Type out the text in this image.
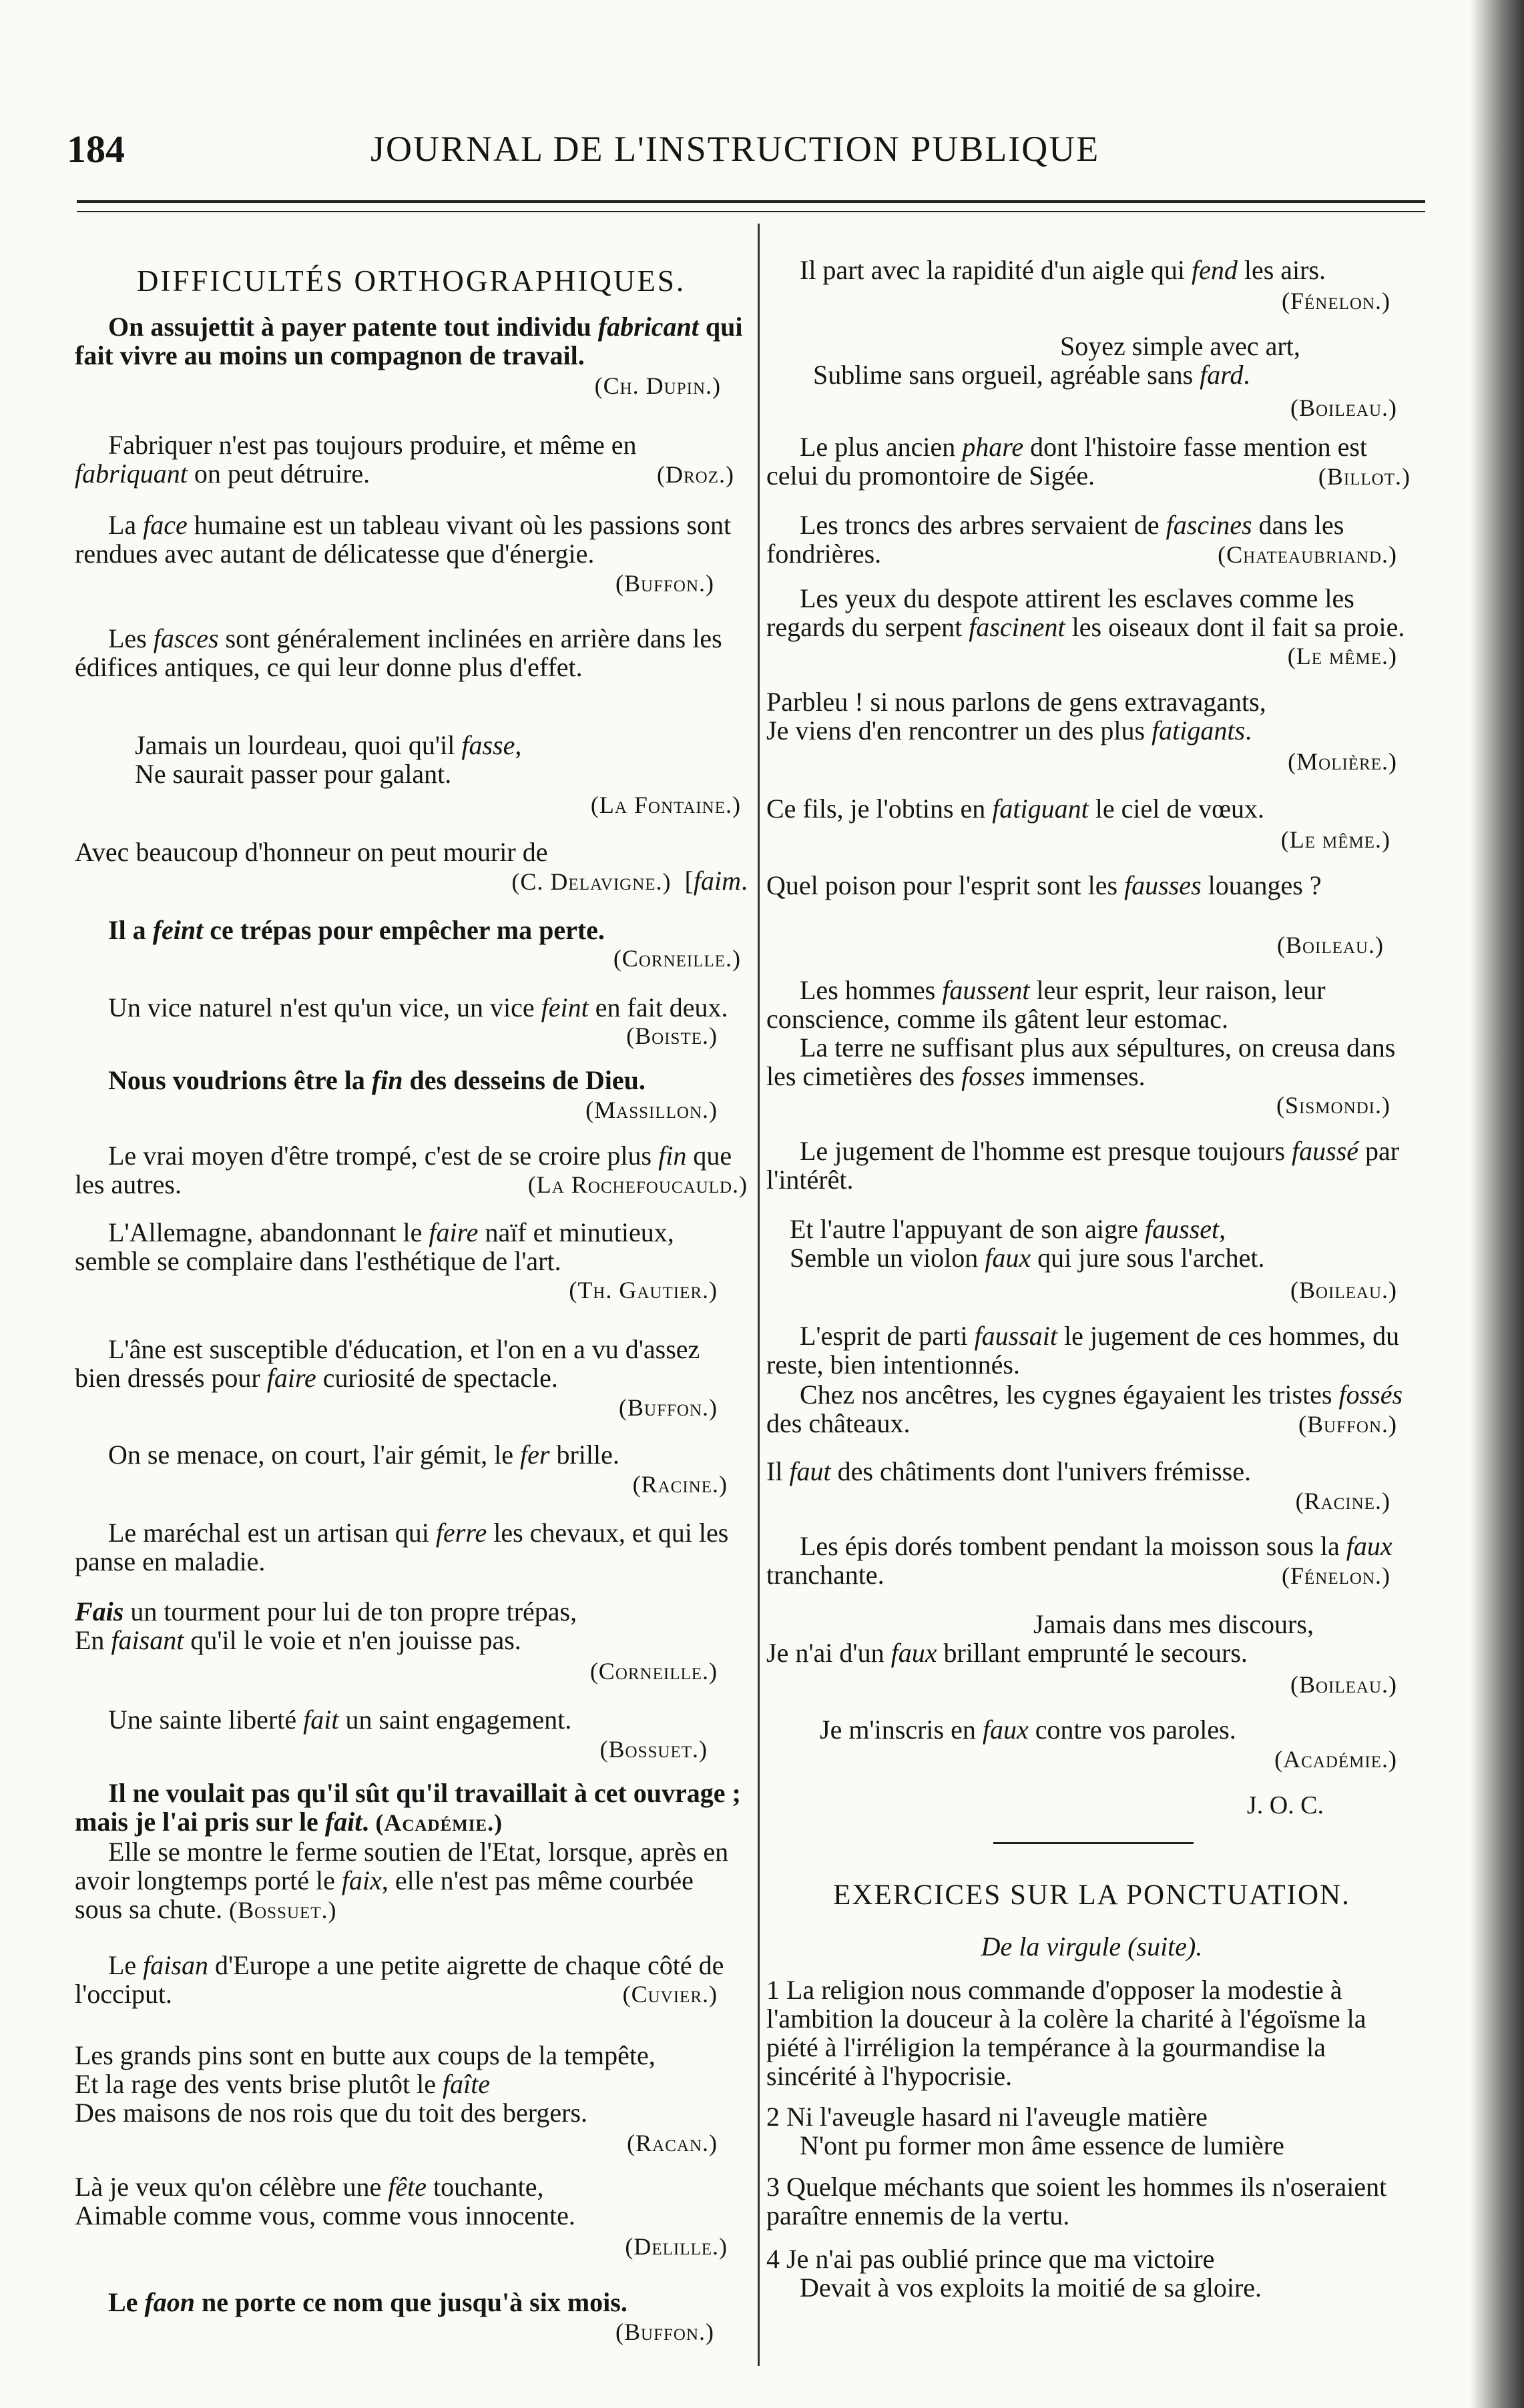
184	JOURNAL DE L'INSTRUCTION PUBLIQUE
DIFFICULTÉS ORTHOGRAPHIQUES.
On assujettit à payer patente tout individu fabricant qui fait vivre au moins un compagnon de travail.
(Ch. Dupin.)
Fabriquer n'est pas toujours produire, et même en fabriquant on peut détruire.	(Droz.)
La face humaine est un tableau vivant où les passions sont rendues avec autant de délicatesse que d'énergie.
(Buffon.)
Les fasces sont généralement inclinées en arrière dans les édifices antiques, ce qui leur donne plus d'effet.
Jamais un lourdeau, quoi qu'il fasse,
Ne saurait passer pour galant.
(La Fontaine.)
Avec beaucoup d'honneur on peut mourir de
(C. Delavigne.)  [faim.
Il a feint ce trépas pour empêcher ma perte.
(Corneille.)
Un vice naturel n'est qu'un vice, un vice feint en fait deux.
(Boiste.)
Nous voudrions être la fin des desseins de Dieu.
(Massillon.)
Le vrai moyen d'être trompé, c'est de se croire plus fin que les autres.	(La Rochefoucauld.)
L'Allemagne, abandonnant le faire naïf et minutieux, semble se complaire dans l'esthétique de l'art.
(Th. Gautier.)
L'âne est susceptible d'éducation, et l'on en a vu d'assez bien dressés pour faire curiosité de spectacle.
(Buffon.)
On se menace, on court, l'air gémit, le fer brille.
(Racine.)
Le maréchal est un artisan qui ferre les chevaux, et qui les panse en maladie.
Fais un tourment pour lui de ton propre trépas,
En faisant qu'il le voie et n'en jouisse pas.
(Corneille.)
Une sainte liberté fait un saint engagement.
(Bossuet.)
Il ne voulait pas qu'il sût qu'il travaillait à cet ouvrage ; mais je l'ai pris sur le fait. (Académie.)
Elle se montre le ferme soutien de l'Etat, lorsque, après en avoir longtemps porté le faix, elle n'est pas même courbée sous sa chute. (Bossuet.)
Le faisan d'Europe a une petite aigrette de chaque côté de l'occiput.	(Cuvier.)
Les grands pins sont en butte aux coups de la tempête,
Et la rage des vents brise plutôt le faîte
Des maisons de nos rois que du toit des bergers.
(Racan.)
Là je veux qu'on célèbre une fête touchante,
Aimable comme vous, comme vous innocente.
(Delille.)
Le faon ne porte ce nom que jusqu'à six mois.
(Buffon.)
Il part avec la rapidité d'un aigle qui fend les airs.
(Fénelon.)
Soyez simple avec art,
Sublime sans orgueil, agréable sans fard.
(Boileau.)
Le plus ancien phare dont l'histoire fasse mention est celui du promontoire de Sigée.	(Billot.)
Les troncs des arbres servaient de fascines dans les fondrières.	(Chateaubriand.)
Les yeux du despote attirent les esclaves comme les regards du serpent fascinent les oiseaux dont il fait sa proie.
(Le même.)
Parbleu ! si nous parlons de gens extravagants,
Je viens d'en rencontrer un des plus fatigants.
(Molière.)
Ce fils, je l'obtins en fatiguant le ciel de vœux.
(Le même.)
Quel poison pour l'esprit sont les fausses louanges ?
(Boileau.)
Les hommes faussent leur esprit, leur raison, leur conscience, comme ils gâtent leur estomac.
La terre ne suffisant plus aux sépultures, on creusa dans les cimetières des fosses immenses.
(Sismondi.)
Le jugement de l'homme est presque toujours faussé par l'intérêt.
Et l'autre l'appuyant de son aigre fausset,
Semble un violon faux qui jure sous l'archet.
(Boileau.)
L'esprit de parti faussait le jugement de ces hommes, du reste, bien intentionnés.
Chez nos ancêtres, les cygnes égayaient les tristes fossés des châteaux.	(Buffon.)
Il faut des châtiments dont l'univers frémisse.
(Racine.)
Les épis dorés tombent pendant la moisson sous la faux tranchante.	(Fénelon.)
Jamais dans mes discours,
Je n'ai d'un faux brillant emprunté le secours.
(Boileau.)
Je m'inscris en faux contre vos paroles.
(Académie.)
J. O. C.
EXERCICES SUR LA PONCTUATION.
De la virgule (suite).
1 La religion nous commande d'opposer la modestie à l'ambition la douceur à la colère la charité à l'égoïsme la piété à l'irréligion la tempérance à la gourmandise la sincérité à l'hypocrisie.
2 Ni l'aveugle hasard ni l'aveugle matière
N'ont pu former mon âme essence de lumière
3 Quelque méchants que soient les hommes ils n'oseraient paraître ennemis de la vertu.
4 Je n'ai pas oublié prince que ma victoire
Devait à vos exploits la moitié de sa gloire.
